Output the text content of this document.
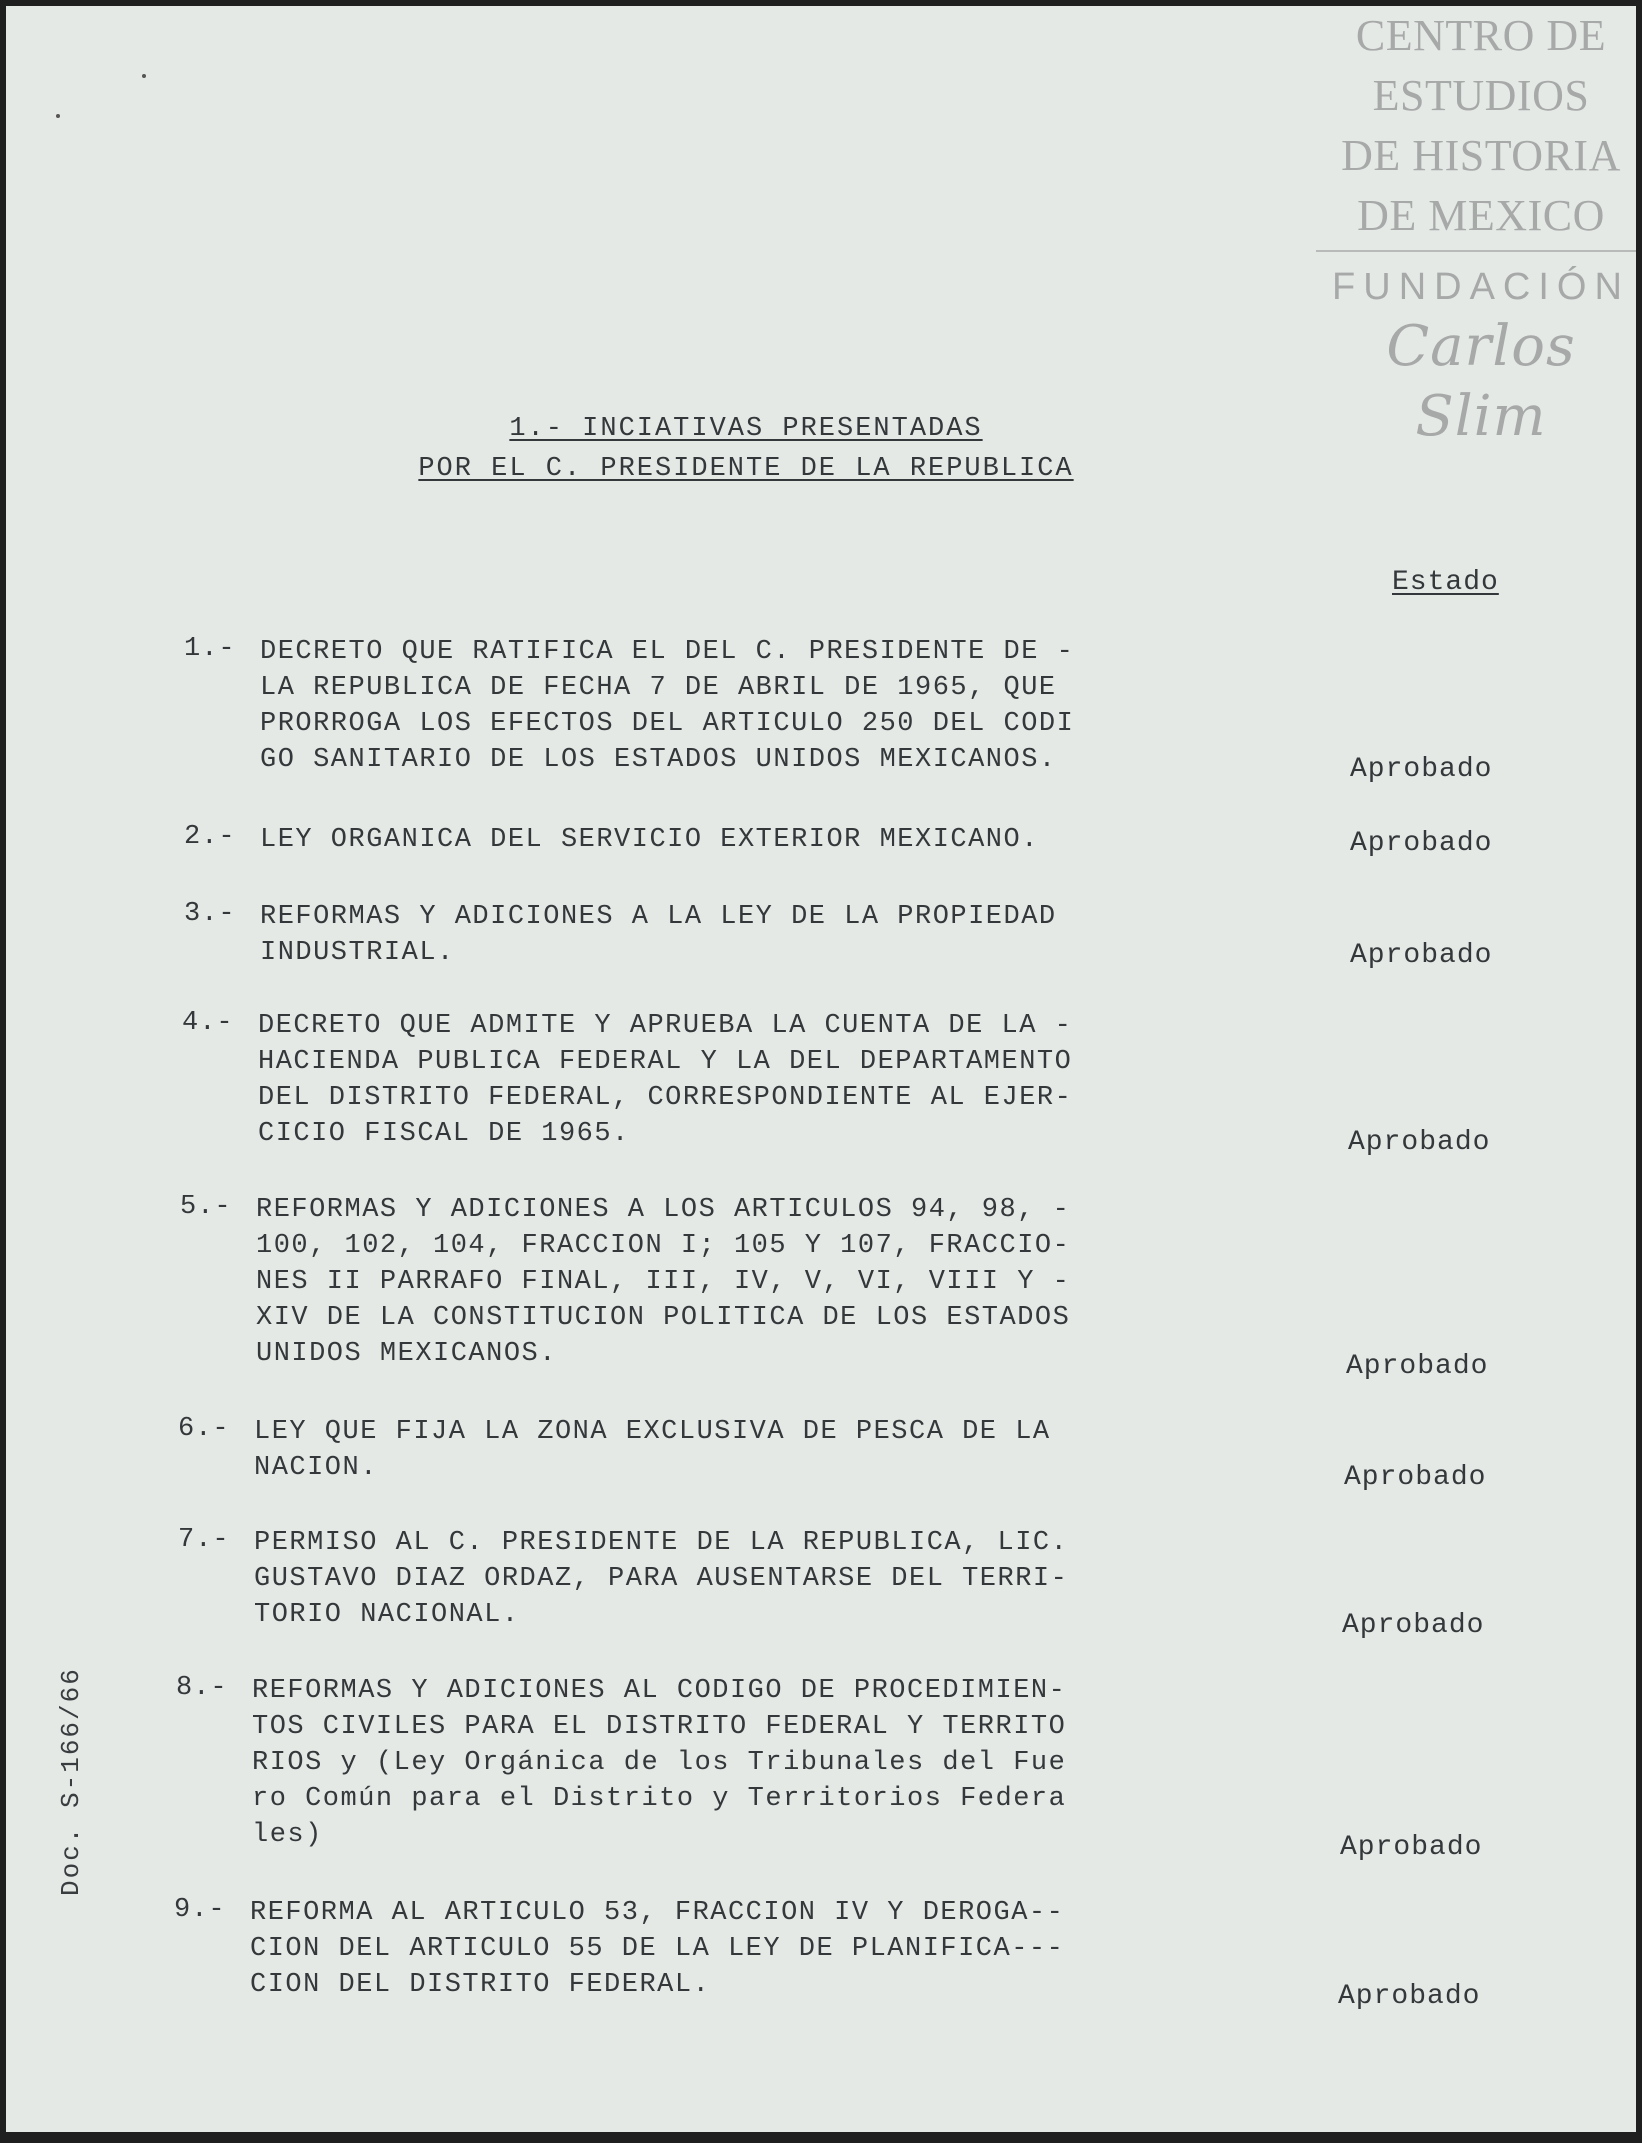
CENTRO DE
ESTUDIOS
DE HISTORIA
DE MEXICO
FUNDACIÓN
Carlos Slim
1.- INCIATIVAS PRESENTADAS
POR EL C. PRESIDENTE DE LA REPUBLICA
Estado
1.- DECRETO QUE RATIFICA EL DEL C. PRESIDENTE DE -
LA REPUBLICA DE FECHA 7 DE ABRIL DE 1965, QUE
PRORROGA LOS EFECTOS DEL ARTICULO 250 DEL CODI
GO SANITARIO DE LOS ESTADOS UNIDOS MEXICANOS.	Aprobado
2.- LEY ORGANICA DEL SERVICIO EXTERIOR MEXICANO.	Aprobado
3.- REFORMAS Y ADICIONES A LA LEY DE LA PROPIEDAD
INDUSTRIAL.	Aprobado
4.- DECRETO QUE ADMITE Y APRUEBA LA CUENTA DE LA -
HACIENDA PUBLICA FEDERAL Y LA DEL DEPARTAMENTO
DEL DISTRITO FEDERAL, CORRESPONDIENTE AL EJER-
CICIO FISCAL DE 1965.	Aprobado
5.- REFORMAS Y ADICIONES A LOS ARTICULOS 94, 98, -
100, 102, 104, FRACCION I; 105 Y 107, FRACCIO-
NES II PARRAFO FINAL, III, IV, V, VI, VIII Y -
XIV DE LA CONSTITUCION POLITICA DE LOS ESTADOS
UNIDOS MEXICANOS.	Aprobado
6.- LEY QUE FIJA LA ZONA EXCLUSIVA DE PESCA DE LA
NACION.	Aprobado
7.- PERMISO AL C. PRESIDENTE DE LA REPUBLICA, LIC.
GUSTAVO DIAZ ORDAZ, PARA AUSENTARSE DEL TERRI-
TORIO NACIONAL.	Aprobado
8.- REFORMAS Y ADICIONES AL CODIGO DE PROCEDIMIEN-
TOS CIVILES PARA EL DISTRITO FEDERAL Y TERRITO
RIOS y (Ley Orgánica de los Tribunales del Fue
ro Común para el Distrito y Territorios Federa
les)	Aprobado
9.- REFORMA AL ARTICULO 53, FRACCION IV Y DEROGA--
CION DEL ARTICULO 55 DE LA LEY DE PLANIFICA---
CION DEL DISTRITO FEDERAL.	Aprobado
Doc. S-166/66
